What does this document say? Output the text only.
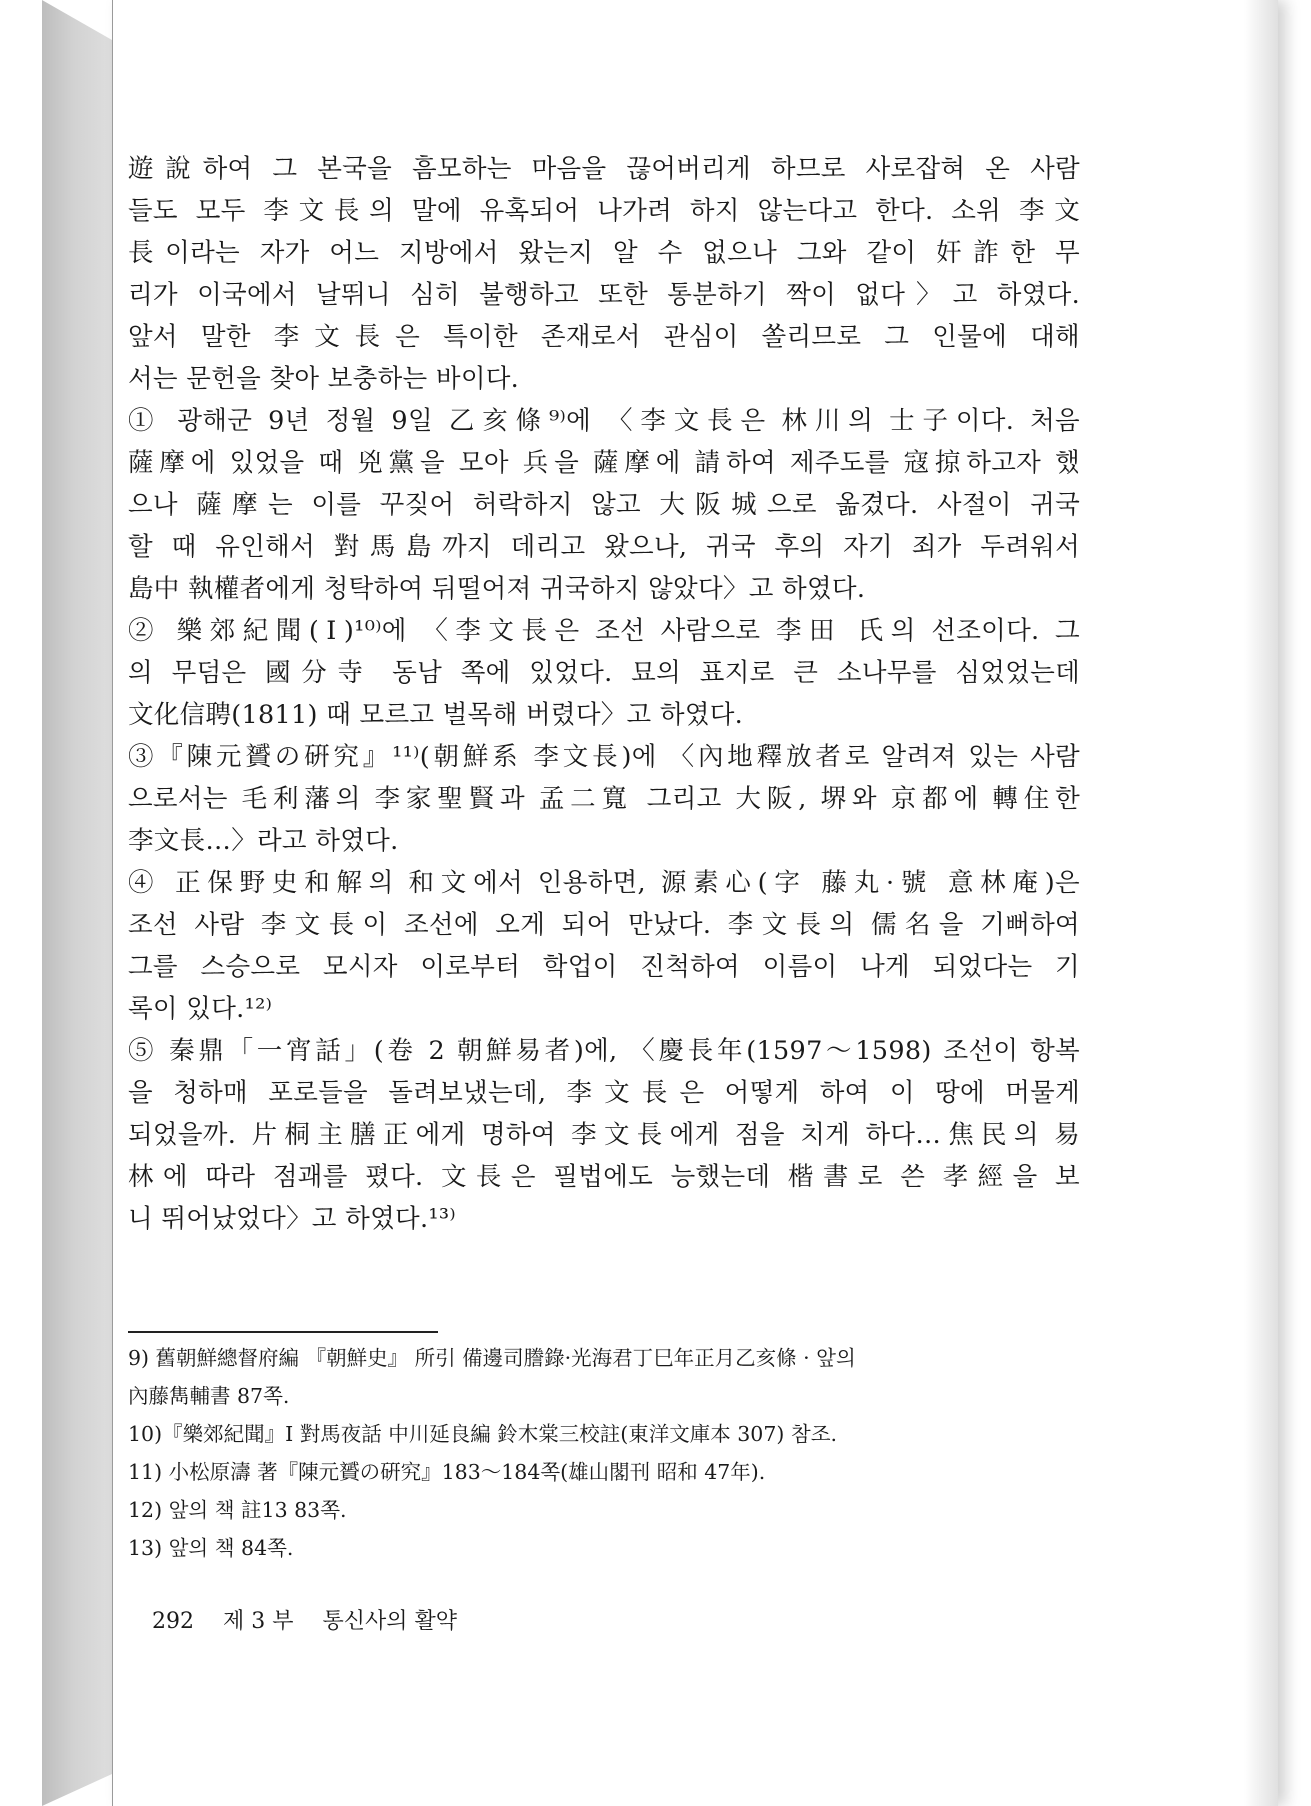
遊說하여 그 본국을 흠모하는 마음을 끊어버리게 하므로 사로잡혀 온 사람
들도 모두 李文長의 말에 유혹되어 나가려 하지 않는다고 한다. 소위 李文
長이라는 자가 어느 지방에서 왔는지 알 수 없으나 그와 같이 奸詐한 무
리가 이국에서 날뛰니 심히 불행하고 또한 통분하기 짝이 없다〉고 하였다.
앞서 말한 李文長은 특이한 존재로서 관심이 쏠리므로 그 인물에 대해
서는 문헌을 찾아 보충하는 바이다.
① 광해군 9년 정월 9일 乙亥條⁹⁾에 〈李文長은 林川의 士子이다. 처음
薩摩에 있었을 때 兇黨을 모아 兵을 薩摩에 請하여 제주도를 寇掠하고자 했
으나 薩摩는 이를 꾸짖어 허락하지 않고 大阪城으로 옮겼다. 사절이 귀국
할 때 유인해서 對馬島까지 데리고 왔으나, 귀국 후의 자기 죄가 두려워서
島中 執權者에게 청탁하여 뒤떨어져 귀국하지 않았다〉고 하였다.
② 樂郊紀聞(Ⅰ)¹⁰⁾에 〈李文長은 조선 사람으로 李田 氏의 선조이다. 그
의 무덤은 國分寺 동남 쪽에 있었다. 묘의 표지로 큰 소나무를 심었었는데
文化信聘(1811) 때 모르고 벌목해 버렸다〉고 하였다.
③『陳元贇の硏究』¹¹⁾(朝鮮系 李文長)에 〈內地釋放者로 알려져 있는 사람
으로서는 毛利藩의 李家聖賢과 孟二寬 그리고 大阪, 堺와 京都에 轉住한
李文長…〉라고 하였다.
④ 正保野史和解의 和文에서 인용하면, 源素心(字 藤丸·號 意林庵)은
조선 사람 李文長이 조선에 오게 되어 만났다. 李文長의 儒名을 기뻐하여
그를 스승으로 모시자 이로부터 학업이 진척하여 이름이 나게 되었다는 기
록이 있다.¹²⁾
⑤ 秦鼎「一宵話」(卷 2 朝鮮易者)에, 〈慶長年(1597～1598) 조선이 항복
을 청하매 포로들을 돌려보냈는데, 李文長은 어떻게 하여 이 땅에 머물게
되었을까. 片桐主膳正에게 명하여 李文長에게 점을 치게 하다…焦民의 易
林에 따라 점괘를 폈다. 文長은 필법에도 능했는데 楷書로 쓴 孝經을 보
니 뛰어났었다〉고 하였다.¹³⁾
9) 舊朝鮮總督府編 『朝鮮史』 所引 備邊司謄錄·光海君丁巳年正月乙亥條 · 앞의
內藤雋輔書 87쪽.
10)『樂郊紀聞』Ⅰ 對馬夜話 中川延良編 鈴木棠三校註(東洋文庫本 307) 참조.
11) 小松原濤 著『陳元贇の硏究』183～184쪽(雄山閣刊 昭和 47年).
12) 앞의 책 註13 83쪽.
13) 앞의 책 84쪽.
292 제 3 부 통신사의 활약
